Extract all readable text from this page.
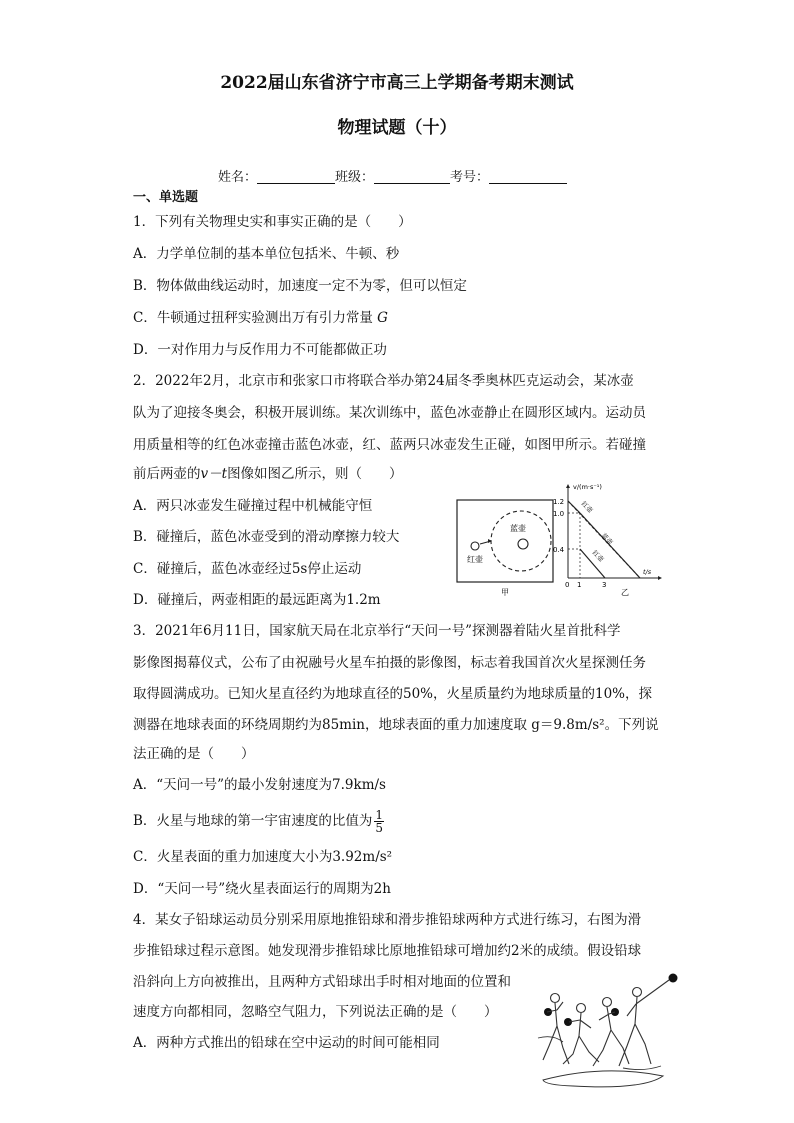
2022届山东省济宁市高三上学期备考期末测试
物理试题（十）
姓名：	班级：	考号：
一、单选题
1．下列有关物理史实和事实正确的是（　　）
A．力学单位制的基本单位包括米、牛顿、秒
B．物体做曲线运动时，加速度一定不为零，但可以恒定
C．牛顿通过扭秤实验测出万有引力常量 G
D．一对作用力与反作用力不可能都做正功
2．2022年2月，北京市和张家口市将联合举办第24届冬季奥林匹克运动会，某冰壶
队为了迎接冬奥会，积极开展训练。某次训练中，蓝色冰壶静止在圆形区域内。运动员
用质量相等的红色冰壶撞击蓝色冰壶，红、蓝两只冰壶发生正碰，如图甲所示。若碰撞
前后两壶的v－t图像如图乙所示，则（　　）
A．两只冰壶发生碰撞过程中机械能守恒
B．碰撞后，蓝色冰壶受到的滑动摩擦力较大
C．碰撞后，蓝色冰壶经过5s停止运动
D．碰撞后，两壶相距的最远距离为1.2m
蓝壶
红壶
甲
v/(m·s⁻¹)
t/s
1.2
1.0
0.4
0 1	3
红壶
蓝壶
红壶
乙
3．2021年6月11日，国家航天局在北京举行“天问一号”探测器着陆火星首批科学
影像图揭幕仪式，公布了由祝融号火星车拍摄的影像图，标志着我国首次火星探测任务
取得圆满成功。已知火星直径约为地球直径的50%，火星质量约为地球质量的10%，探
测器在地球表面的环绕周期约为85min，地球表面的重力加速度取 g＝9.8m/s²。下列说
法正确的是（　　）
A．“天问一号”的最小发射速度为7.9km/s
B．火星与地球的第一宇宙速度的比值为 $\frac{1}{5}$
C．火星表面的重力加速度大小为3.92m/s²
D．“天问一号”绕火星表面运行的周期为2h
4．某女子铅球运动员分别采用原地推铅球和滑步推铅球两种方式进行练习，右图为滑
步推铅球过程示意图。她发现滑步推铅球比原地推铅球可增加约2米的成绩。假设铅球
沿斜向上方向被推出，且两种方式铅球出手时相对地面的位置和
速度方向都相同，忽略空气阻力，下列说法正确的是（　　）
A．两种方式推出的铅球在空中运动的时间可能相同
